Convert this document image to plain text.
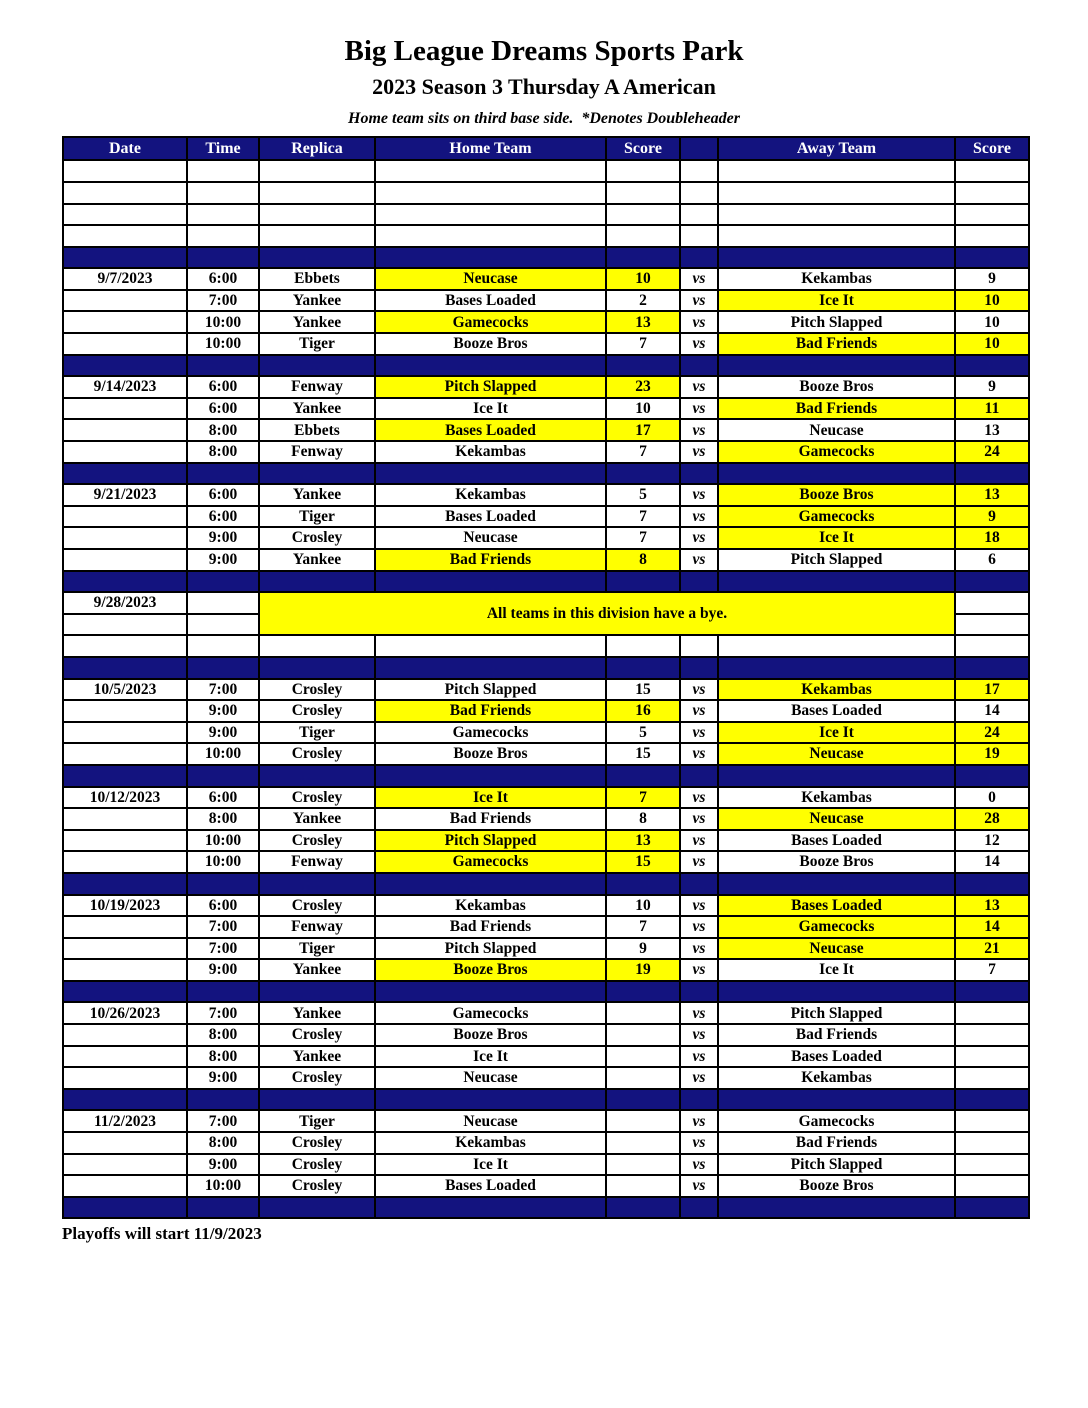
Big League Dreams Sports Park
2023 Season 3 Thursday A American
Home team sits on third base side.  *Denotes Doubleheader
Date	Time	Replica	Home Team	Score		Away Team	Score

9/7/2023	6:00	Ebbets	Neucase	10	vs	Kekambas	9
	7:00	Yankee	Bases Loaded	2	vs	Ice It	10
	10:00	Yankee	Gamecocks	13	vs	Pitch Slapped	10
	10:00	Tiger	Booze Bros	7	vs	Bad Friends	10

9/14/2023	6:00	Fenway	Pitch Slapped	23	vs	Booze Bros	9
	6:00	Yankee	Ice It	10	vs	Bad Friends	11
	8:00	Ebbets	Bases Loaded	17	vs	Neucase	13
	8:00	Fenway	Kekambas	7	vs	Gamecocks	24

9/21/2023	6:00	Yankee	Kekambas	5	vs	Booze Bros	13
	6:00	Tiger	Bases Loaded	7	vs	Gamecocks	9
	9:00	Crosley	Neucase	7	vs	Ice It	18
	9:00	Yankee	Bad Friends	8	vs	Pitch Slapped	6

9/28/2023		All teams in this division have a bye.					

10/5/2023	7:00	Crosley	Pitch Slapped	15	vs	Kekambas	17
	9:00	Crosley	Bad Friends	16	vs	Bases Loaded	14
	9:00	Tiger	Gamecocks	5	vs	Ice It	24
	10:00	Crosley	Booze Bros	15	vs	Neucase	19

10/12/2023	6:00	Crosley	Ice It	7	vs	Kekambas	0
	8:00	Yankee	Bad Friends	8	vs	Neucase	28
	10:00	Crosley	Pitch Slapped	13	vs	Bases Loaded	12
	10:00	Fenway	Gamecocks	15	vs	Booze Bros	14

10/19/2023	6:00	Crosley	Kekambas	10	vs	Bases Loaded	13
	7:00	Fenway	Bad Friends	7	vs	Gamecocks	14
	7:00	Tiger	Pitch Slapped	9	vs	Neucase	21
	9:00	Yankee	Booze Bros	19	vs	Ice It	7

10/26/2023	7:00	Yankee	Gamecocks		vs	Pitch Slapped	
	8:00	Crosley	Booze Bros		vs	Bad Friends	
	8:00	Yankee	Ice It		vs	Bases Loaded	
	9:00	Crosley	Neucase		vs	Kekambas	

11/2/2023	7:00	Tiger	Neucase		vs	Gamecocks	
	8:00	Crosley	Kekambas		vs	Bad Friends	
	9:00	Crosley	Ice It		vs	Pitch Slapped	
	10:00	Crosley	Bases Loaded		vs	Booze Bros	

Playoffs will start 11/9/2023
